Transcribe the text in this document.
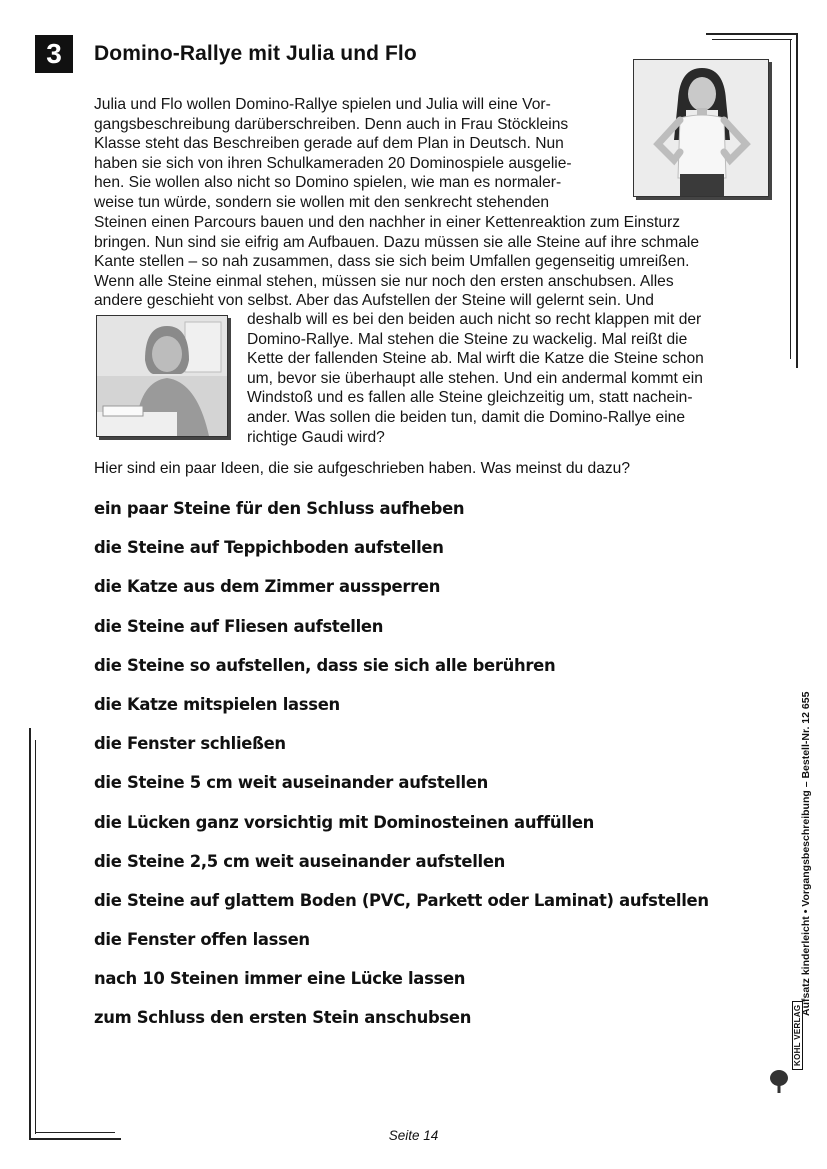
3	Domino-Rallye mit Julia und Flo
Julia und Flo wollen Domino-Rallye spielen und Julia will eine Vor-
gangsbeschreibung darüberschreiben. Denn auch in Frau Stöckleins
Klasse steht das Beschreiben gerade auf dem Plan in Deutsch. Nun
haben sie sich von ihren Schulkameraden 20 Dominospiele ausgelie-
hen. Sie wollen also nicht so Domino spielen, wie man es normaler-
weise tun würde, sondern sie wollen mit den senkrecht stehenden
Steinen einen Parcours bauen und den nachher in einer Kettenreaktion zum Einsturz
bringen. Nun sind sie eifrig am Aufbauen. Dazu müssen sie alle Steine auf ihre schmale
Kante stellen – so nah zusammen, dass sie sich beim Umfallen gegenseitig umreißen.
Wenn alle Steine einmal stehen, müssen sie nur noch den ersten anschubsen. Alles
andere geschieht von selbst. Aber das Aufstellen der Steine will gelernt sein. Und
deshalb will es bei den beiden auch nicht so recht klappen mit der
Domino-Rallye. Mal stehen die Steine zu wackelig. Mal reißt die
Kette der fallenden Steine ab. Mal wirft die Katze die Steine schon
um, bevor sie überhaupt alle stehen. Und ein andermal kommt ein
Windstoß und es fallen alle Steine gleichzeitig um, statt nachein-
ander. Was sollen die beiden tun, damit die Domino-Rallye eine
richtige Gaudi wird?
Hier sind ein paar Ideen, die sie aufgeschrieben haben. Was meinst du dazu?
ein paar Steine für den Schluss aufheben
die Steine auf Teppichboden aufstellen
die Katze aus dem Zimmer aussperren
die Steine auf Fliesen aufstellen
die Steine so aufstellen, dass sie sich alle berühren
die Katze mitspielen lassen
die Fenster schließen
die Steine 5 cm weit auseinander aufstellen
die Lücken ganz vorsichtig mit Dominosteinen auffüllen
die Steine 2,5 cm weit auseinander aufstellen
die Steine auf glattem Boden (PVC, Parkett oder Laminat) aufstellen
die Fenster offen lassen
nach 10 Steinen immer eine Lücke lassen
zum Schluss den ersten Stein anschubsen
Aufsatz kinderleicht • Vorgangsbeschreibung – Bestell-Nr. 12 655
KOHL VERLAG
Seite 14
